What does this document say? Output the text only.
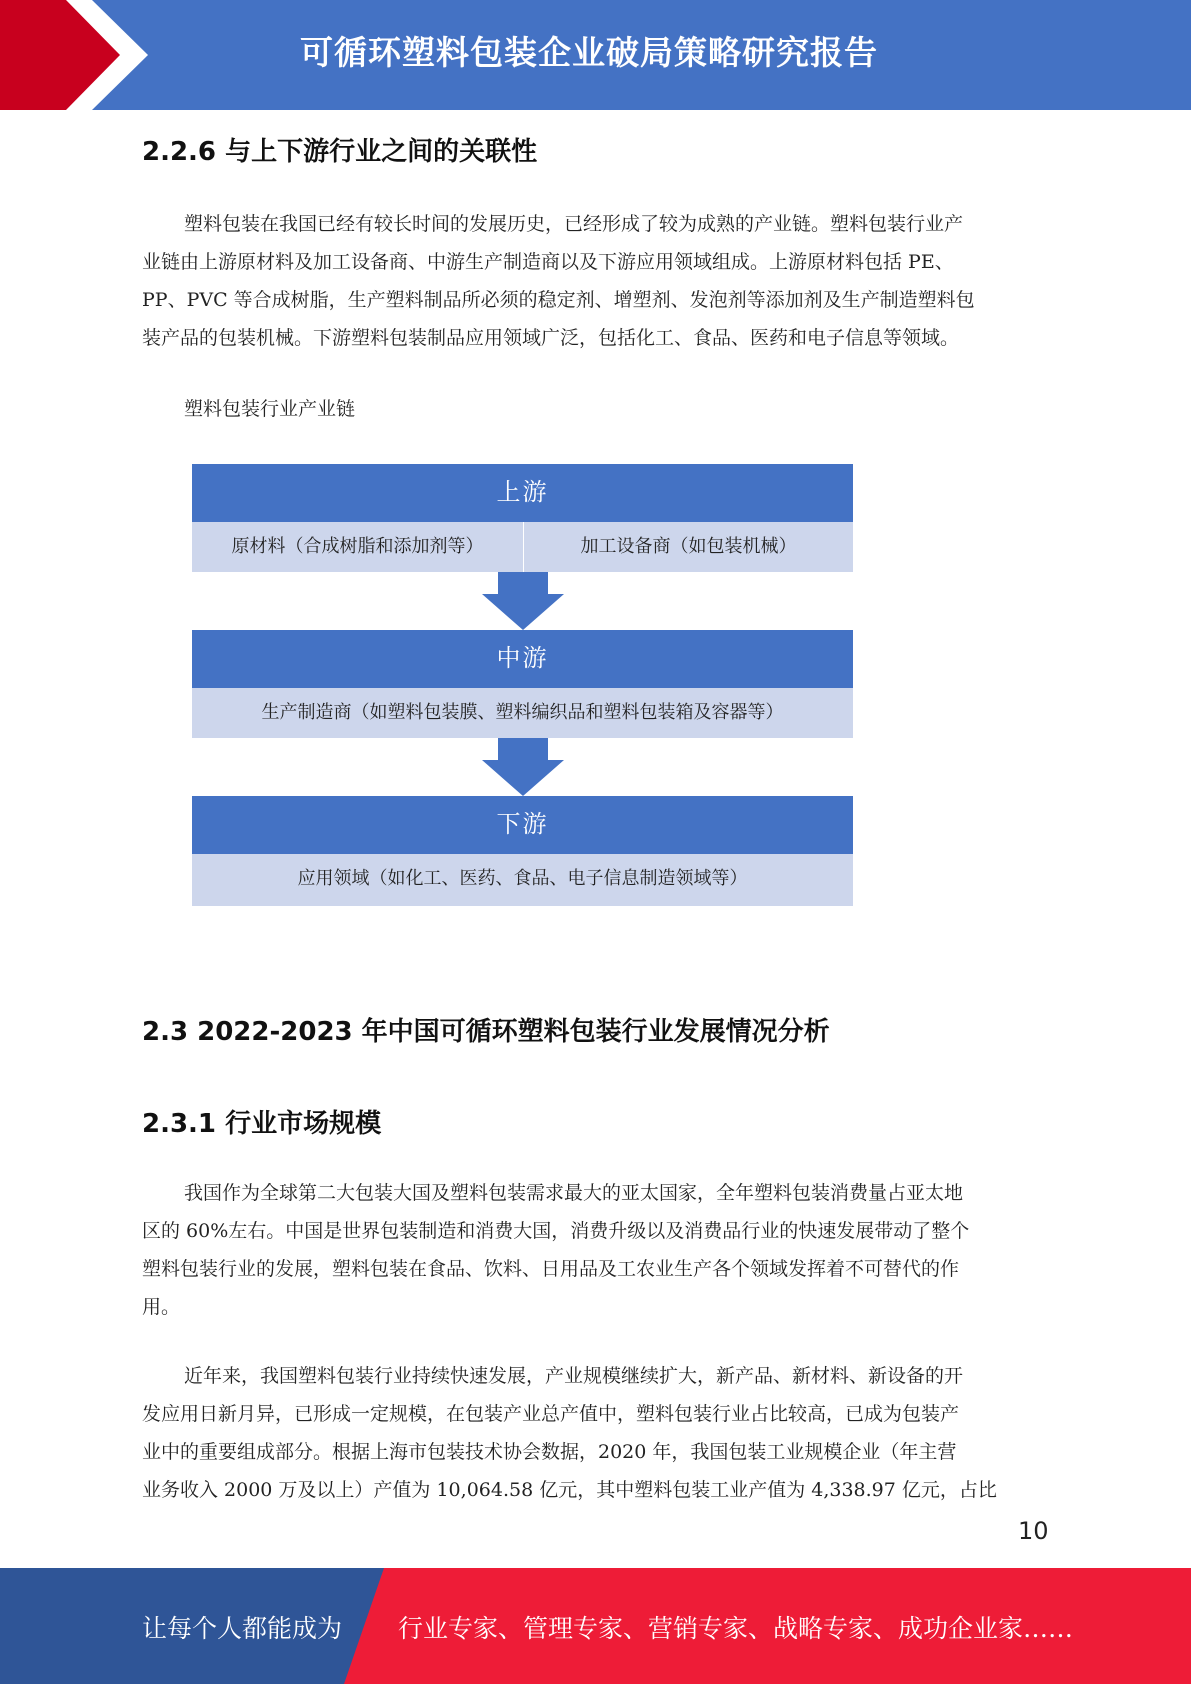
可循环塑料包装企业破局策略研究报告
2.2.6 与上下游行业之间的关联性
塑料包装在我国已经有较长时间的发展历史，已经形成了较为成熟的产业链。塑料包装行业产
业链由上游原材料及加工设备商、中游生产制造商以及下游应用领域组成。上游原材料包括 PE、
PP、PVC 等合成树脂，生产塑料制品所必须的稳定剂、增塑剂、发泡剂等添加剂及生产制造塑料包
装产品的包装机械。下游塑料包装制品应用领域广泛，包括化工、食品、医药和电子信息等领域。
塑料包装行业产业链
上游
原材料（合成树脂和添加剂等）	加工设备商（如包装机械）
中游
生产制造商（如塑料包装膜、塑料编织品和塑料包装箱及容器等）
下游
应用领域（如化工、医药、食品、电子信息制造领域等）
2.3 2022-2023 年中国可循环塑料包装行业发展情况分析
2.3.1 行业市场规模
我国作为全球第二大包装大国及塑料包装需求最大的亚太国家，全年塑料包装消费量占亚太地
区的 60%左右。中国是世界包装制造和消费大国，消费升级以及消费品行业的快速发展带动了整个
塑料包装行业的发展，塑料包装在食品、饮料、日用品及工农业生产各个领域发挥着不可替代的作
用。
近年来，我国塑料包装行业持续快速发展，产业规模继续扩大，新产品、新材料、新设备的开
发应用日新月异，已形成一定规模，在包装产业总产值中，塑料包装行业占比较高，已成为包装产
业中的重要组成部分。根据上海市包装技术协会数据，2020 年，我国包装工业规模企业（年主营
业务收入 2000 万及以上）产值为 10,064.58 亿元，其中塑料包装工业产值为 4,338.97 亿元，占比
10
让每个人都能成为 行业专家、管理专家、营销专家、战略专家、成功企业家……
